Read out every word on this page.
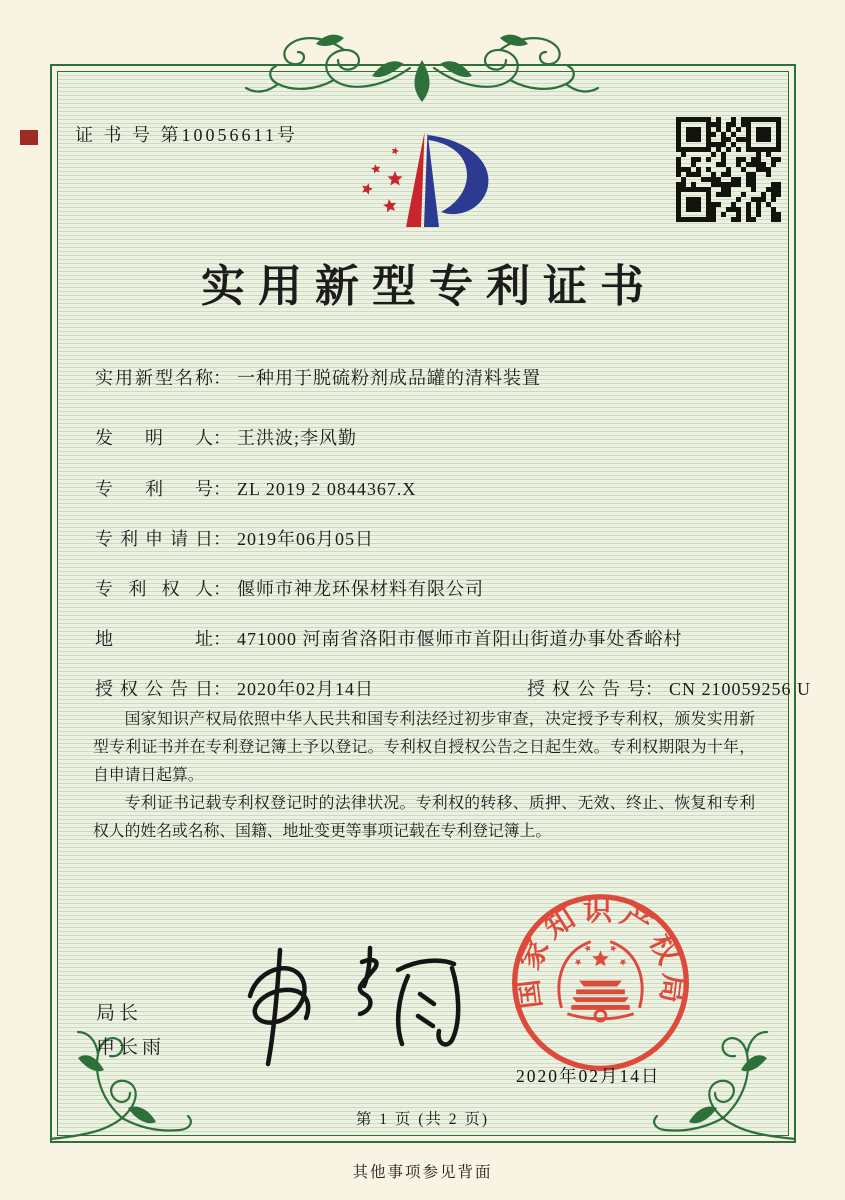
证 书 号 第10056611号
实用新型专利证书
实用新型名称： 一种用于脱硫粉剂成品罐的清料装置
发明人： 王洪波;李风勤
专利号： ZL 2019 2 0844367.X
专利申请日： 2019年06月05日
专利权人： 偃师市神龙环保材料有限公司
地址： 471000 河南省洛阳市偃师市首阳山街道办事处香峪村
授权公告日： 2020年02月14日	授权公告号： CN 210059256 U

国家知识产权局依照中华人民共和国专利法经过初步审查，决定授予专利权，颁发实用新型专利证书并在专利登记簿上予以登记。专利权自授权公告之日起生效。专利权期限为十年，自申请日起算。

专利证书记载专利权登记时的法律状况。专利权的转移、质押、无效、终止、恢复和专利权人的姓名或名称、国籍、地址变更等事项记载在专利登记簿上。

局长
申长雨
国家知识产权局
2020年02月14日
第 1 页 (共 2 页)
其他事项参见背面
